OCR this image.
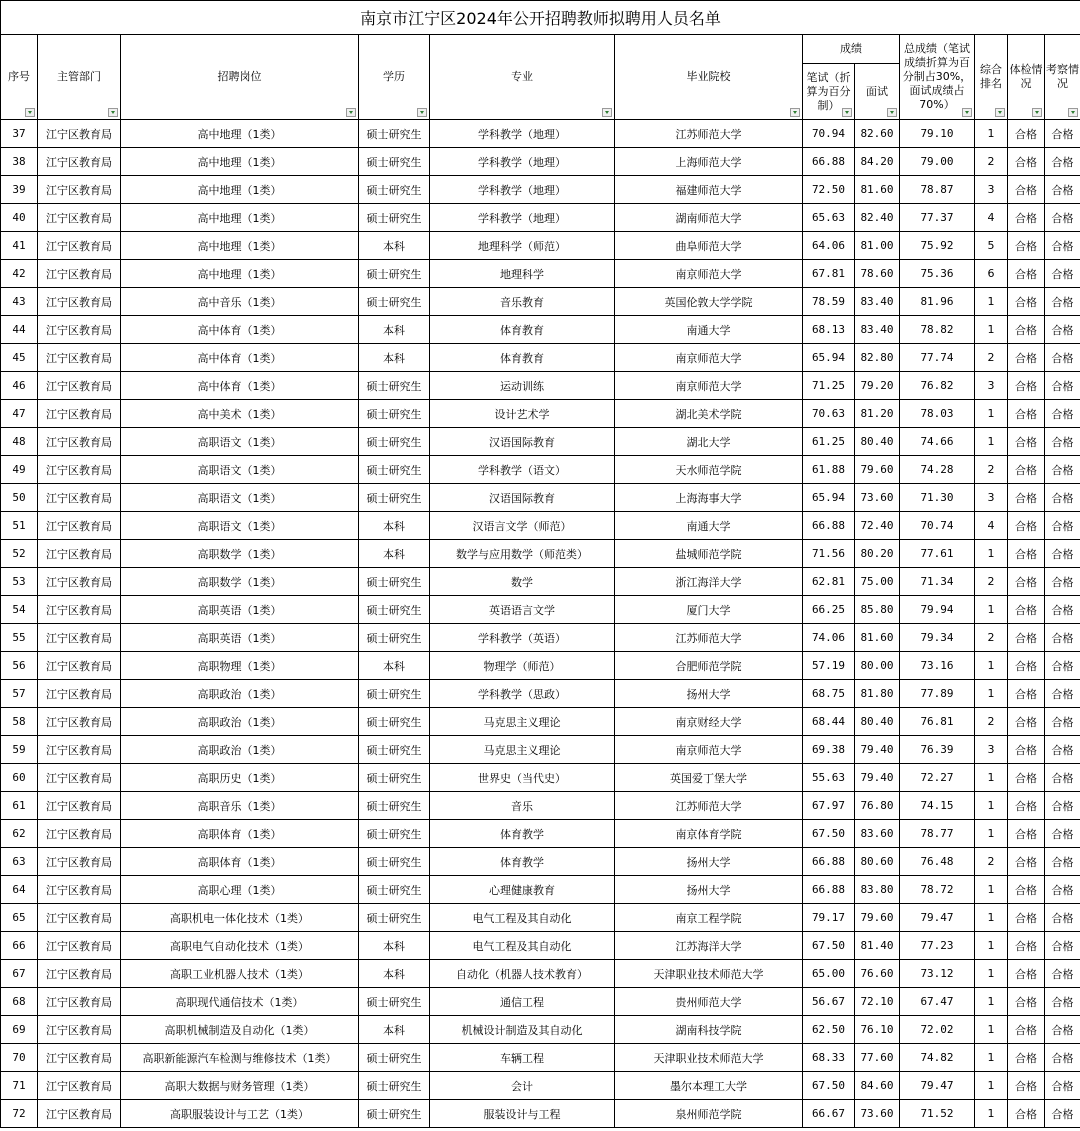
南京市江宁区2024年公开招聘教师拟聘用人员名单											
序号	主管部门	招聘岗位	学历	专业	毕业院校	成绩		总成绩（笔试成绩折算为百分制占30%，面试成绩占70%）	综合排名	体检情况	考察情况

						笔试（折算为百分制）	面试				

37	江宁区教育局	高中地理（1类）	硕士研究生	学科教学（地理）	江苏师范大学	70.94	82.60	79.10	1	合格	合格
38	江宁区教育局	高中地理（1类）	硕士研究生	学科教学（地理）	上海师范大学	66.88	84.20	79.00	2	合格	合格
39	江宁区教育局	高中地理（1类）	硕士研究生	学科教学（地理）	福建师范大学	72.50	81.60	78.87	3	合格	合格
40	江宁区教育局	高中地理（1类）	硕士研究生	学科教学（地理）	湖南师范大学	65.63	82.40	77.37	4	合格	合格
41	江宁区教育局	高中地理（1类）	本科	地理科学（师范）	曲阜师范大学	64.06	81.00	75.92	5	合格	合格
42	江宁区教育局	高中地理（1类）	硕士研究生	地理科学	南京师范大学	67.81	78.60	75.36	6	合格	合格
43	江宁区教育局	高中音乐（1类）	硕士研究生	音乐教育	英国伦敦大学学院	78.59	83.40	81.96	1	合格	合格
44	江宁区教育局	高中体育（1类）	本科	体育教育	南通大学	68.13	83.40	78.82	1	合格	合格
45	江宁区教育局	高中体育（1类）	本科	体育教育	南京师范大学	65.94	82.80	77.74	2	合格	合格
46	江宁区教育局	高中体育（1类）	硕士研究生	运动训练	南京师范大学	71.25	79.20	76.82	3	合格	合格
47	江宁区教育局	高中美术（1类）	硕士研究生	设计艺术学	湖北美术学院	70.63	81.20	78.03	1	合格	合格
48	江宁区教育局	高职语文（1类）	硕士研究生	汉语国际教育	湖北大学	61.25	80.40	74.66	1	合格	合格
49	江宁区教育局	高职语文（1类）	硕士研究生	学科教学（语文）	天水师范学院	61.88	79.60	74.28	2	合格	合格
50	江宁区教育局	高职语文（1类）	硕士研究生	汉语国际教育	上海海事大学	65.94	73.60	71.30	3	合格	合格
51	江宁区教育局	高职语文（1类）	本科	汉语言文学（师范）	南通大学	66.88	72.40	70.74	4	合格	合格
52	江宁区教育局	高职数学（1类）	本科	数学与应用数学（师范类）	盐城师范学院	71.56	80.20	77.61	1	合格	合格
53	江宁区教育局	高职数学（1类）	硕士研究生	数学	浙江海洋大学	62.81	75.00	71.34	2	合格	合格
54	江宁区教育局	高职英语（1类）	硕士研究生	英语语言文学	厦门大学	66.25	85.80	79.94	1	合格	合格
55	江宁区教育局	高职英语（1类）	硕士研究生	学科教学（英语）	江苏师范大学	74.06	81.60	79.34	2	合格	合格
56	江宁区教育局	高职物理（1类）	本科	物理学（师范）	合肥师范学院	57.19	80.00	73.16	1	合格	合格
57	江宁区教育局	高职政治（1类）	硕士研究生	学科教学（思政）	扬州大学	68.75	81.80	77.89	1	合格	合格
58	江宁区教育局	高职政治（1类）	硕士研究生	马克思主义理论	南京财经大学	68.44	80.40	76.81	2	合格	合格
59	江宁区教育局	高职政治（1类）	硕士研究生	马克思主义理论	南京师范大学	69.38	79.40	76.39	3	合格	合格
60	江宁区教育局	高职历史（1类）	硕士研究生	世界史（当代史）	英国爱丁堡大学	55.63	79.40	72.27	1	合格	合格
61	江宁区教育局	高职音乐（1类）	硕士研究生	音乐	江苏师范大学	67.97	76.80	74.15	1	合格	合格
62	江宁区教育局	高职体育（1类）	硕士研究生	体育教学	南京体育学院	67.50	83.60	78.77	1	合格	合格
63	江宁区教育局	高职体育（1类）	硕士研究生	体育教学	扬州大学	66.88	80.60	76.48	2	合格	合格
64	江宁区教育局	高职心理（1类）	硕士研究生	心理健康教育	扬州大学	66.88	83.80	78.72	1	合格	合格
65	江宁区教育局	高职机电一体化技术（1类）	硕士研究生	电气工程及其自动化	南京工程学院	79.17	79.60	79.47	1	合格	合格
66	江宁区教育局	高职电气自动化技术（1类）	本科	电气工程及其自动化	江苏海洋大学	67.50	81.40	77.23	1	合格	合格
67	江宁区教育局	高职工业机器人技术（1类）	本科	自动化（机器人技术教育）	天津职业技术师范大学	65.00	76.60	73.12	1	合格	合格
68	江宁区教育局	高职现代通信技术（1类）	硕士研究生	通信工程	贵州师范大学	56.67	72.10	67.47	1	合格	合格
69	江宁区教育局	高职机械制造及自动化（1类）	本科	机械设计制造及其自动化	湖南科技学院	62.50	76.10	72.02	1	合格	合格
70	江宁区教育局	高职新能源汽车检测与维修技术（1类）	硕士研究生	车辆工程	天津职业技术师范大学	68.33	77.60	74.82	1	合格	合格
71	江宁区教育局	高职大数据与财务管理（1类）	硕士研究生	会计	墨尔本理工大学	67.50	84.60	79.47	1	合格	合格
72	江宁区教育局	高职服装设计与工艺（1类）	硕士研究生	服装设计与工程	泉州师范学院	66.67	73.60	71.52	1	合格	合格
